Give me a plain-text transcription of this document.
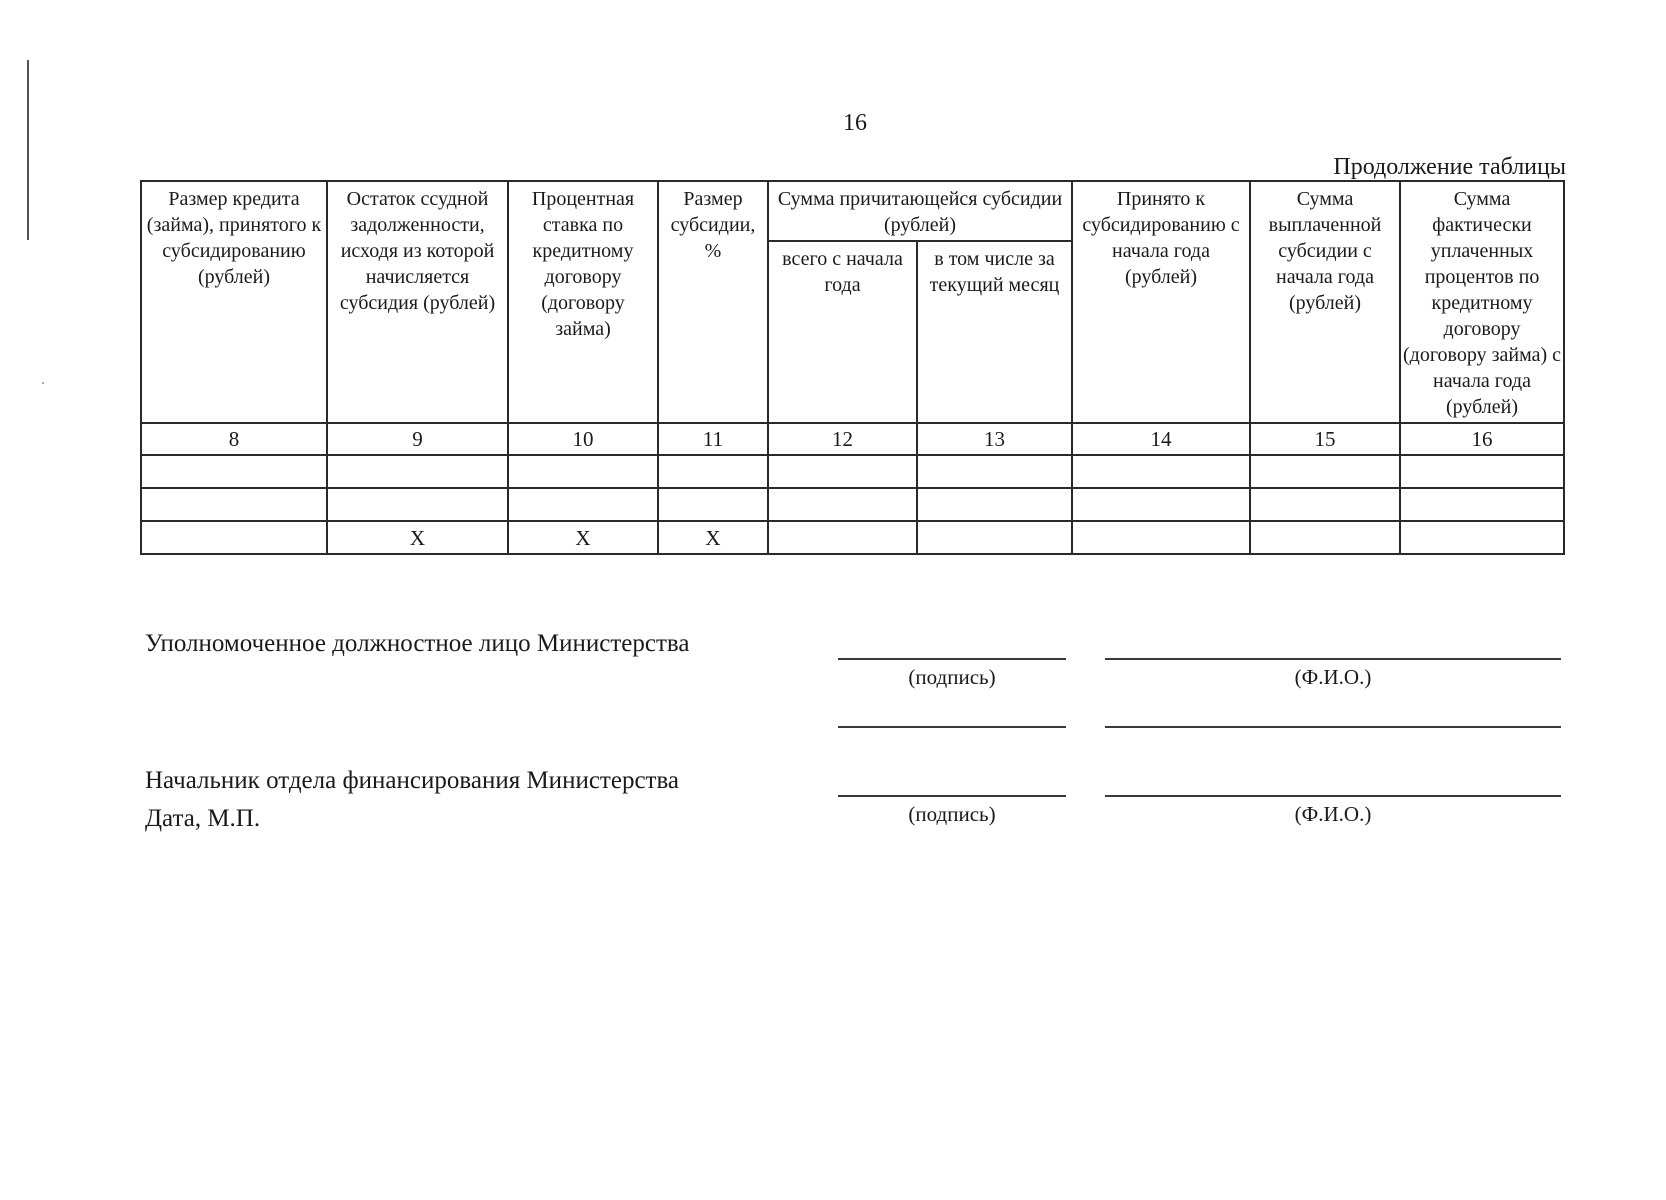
16
Продолжение таблицы
Размер кредита (займа), принятого к субсидированию (рублей)	Остаток ссудной задолженности, исходя из которой начисляется субсидия (рублей)	Процентная ставка по кредитному договору (договору займа)	Размер субсидии, %	Сумма причитающейся субсидии (рублей)		Принято к субсидированию с начала года (рублей)	Сумма выплаченной субсидии с начала года (рублей)	Сумма фактически уплаченных процентов по кредитному договору (договору займа) с начала года (рублей)
				всего с начала года	в том числе за текущий месяц			
8	9	10	11	12	13	14	15	16

	X	X	X					
Уполномоченное должностное лицо Министерства
(подпись)	(Ф.И.О.)
Начальник отдела финансирования Министерства
Дата, М.П.	(подпись)	(Ф.И.О.)
